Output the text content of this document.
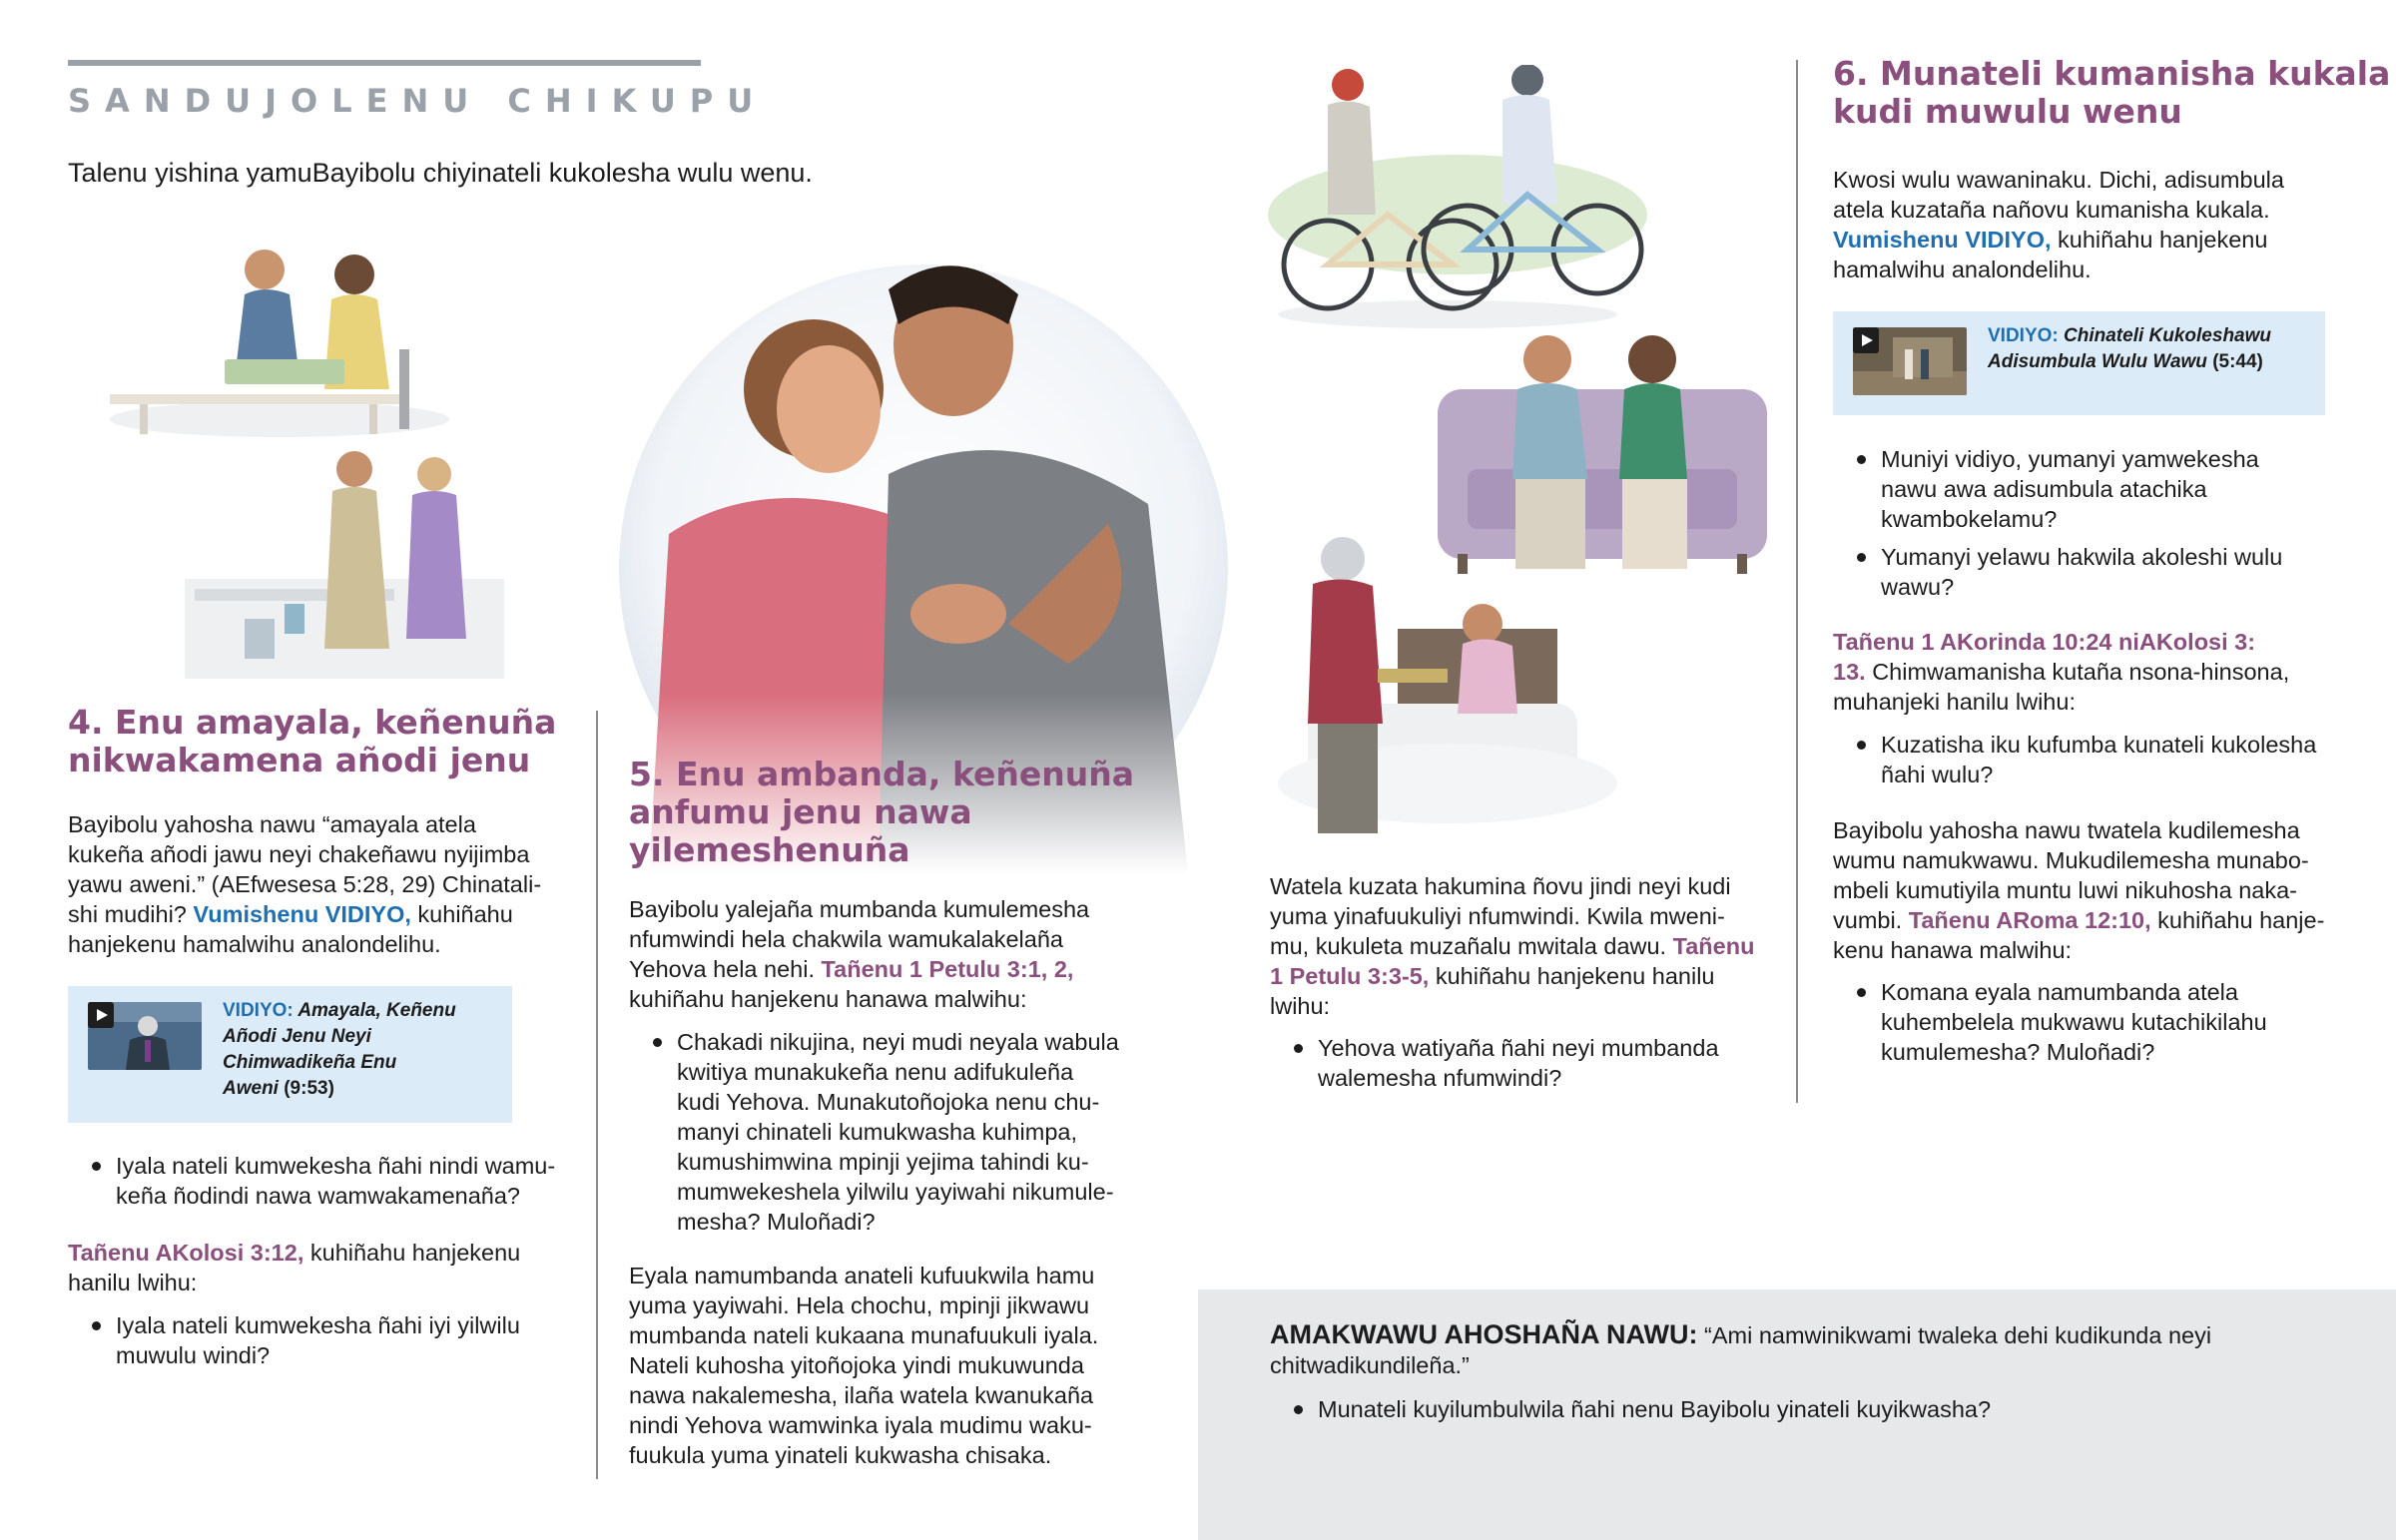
SANDUJOLENU CHIKUPU
Talenu yishina yamuBayibolu chiyinateli kukolesha wulu wenu.
4. Enu amayala, keñenuña
nikwakamena añodi jenu
Bayibolu yahosha nawu “amayala atela
kukeña añodi jawu neyi chakeñawu nyijimba
yawu aweni.” (AEfwesesa 5:28, 29) Chinatali-
shi mudihi? Vumishenu VIDIYO, kuhiñahu
hanjekenu hamalwihu analondelihu.
VIDIYO: Amayala, Keñenu
Añodi Jenu Neyi
Chimwadikeña Enu
Aweni (9:53)
Iyala nateli kumwekesha ñahi nindi wamu-
keña ñodindi nawa wamwakamenaña?
Tañenu AKolosi 3:12, kuhiñahu hanjekenu
hanilu lwihu:
Iyala nateli kumwekesha ñahi iyi yilwilu
muwulu windi?
5. Enu ambanda, keñenuña
anfumu jenu nawa
yilemeshenuña
Bayibolu yalejaña mumbanda kumulemesha
nfumwindi hela chakwila wamukalakelaña
Yehova hela nehi. Tañenu 1 Petulu 3:1, 2,
kuhiñahu hanjekenu hanawa malwihu:
Chakadi nikujina, neyi mudi neyala wabula
kwitiya munakukeña nenu adifukuleña
kudi Yehova. Munakutoñojoka nenu chu-
manyi chinateli kumukwasha kuhimpa,
kumushimwina mpinji yejima tahindi ku-
mumwekeshela yilwilu yayiwahi nikumule-
mesha? Muloñadi?
Eyala namumbanda anateli kufuukwila hamu
yuma yayiwahi. Hela chochu, mpinji jikwawu
mumbanda nateli kukaana munafuukuli iyala.
Nateli kuhosha yitoñojoka yindi mukuwunda
nawa nakalemesha, ilaña watela kwanukaña
nindi Yehova wamwinka iyala mudimu waku-
fuukula yuma yinateli kukwasha chisaka.
Watela kuzata hakumina ñovu jindi neyi kudi
yuma yinafuukuliyi nfumwindi. Kwila mweni-
mu, kukuleta muzañalu mwitala dawu. Tañenu
1 Petulu 3:3-5, kuhiñahu hanjekenu hanilu
lwihu:
Yehova watiyaña ñahi neyi mumbanda
walemesha nfumwindi?
6. Munateli kumanisha kukala
kudi muwulu wenu
Kwosi wulu wawaninaku. Dichi, adisumbula
atela kuzataña nañovu kumanisha kukala.
Vumishenu VIDIYO, kuhiñahu hanjekenu
hamalwihu analondelihu.
VIDIYO: Chinateli Kukoleshawu
Adisumbula Wulu Wawu (5:44)
Muniyi vidiyo, yumanyi yamwekesha
nawu awa adisumbula atachika
kwambokelamu?
Yumanyi yelawu hakwila akoleshi wulu
wawu?
Tañenu 1 AKorinda 10:24 niAKolosi 3:
13. Chimwamanisha kutaña nsona-hinsona,
muhanjeki hanilu lwihu:
Kuzatisha iku kufumba kunateli kukolesha
ñahi wulu?
Bayibolu yahosha nawu twatela kudilemesha
wumu namukwawu. Mukudilemesha munabo-
mbeli kumutiyila muntu luwi nikuhosha naka-
vumbi. Tañenu ARoma 12:10, kuhiñahu hanje-
kenu hanawa malwihu:
Komana eyala namumbanda atela
kuhembelela mukwawu kutachikilahu
kumulemesha? Muloñadi?
AMAKWAWU AHOSHAÑA NAWU: “Ami namwinikwami twaleka dehi kudikunda neyi
chitwadikundileña.”
Munateli kuyilumbulwila ñahi nenu Bayibolu yinateli kuyikwasha?
